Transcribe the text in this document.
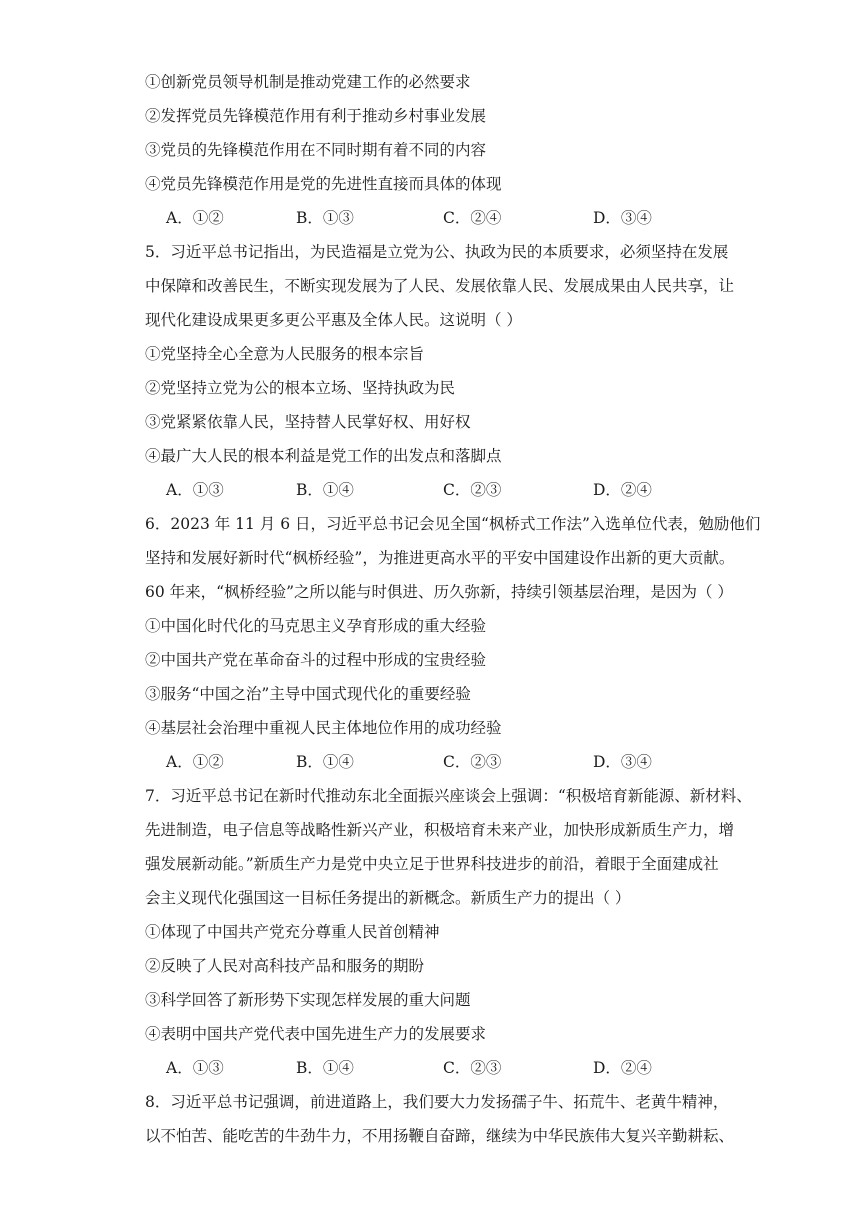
①创新党员领导机制是推动党建工作的必然要求
②发挥党员先锋模范作用有利于推动乡村事业发展
③党员的先锋模范作用在不同时期有着不同的内容
④党员先锋模范作用是党的先进性直接而具体的体现
A．①②	B．①③	C．②④	D．③④
5．习近平总书记指出，为民造福是立党为公、执政为民的本质要求，必须坚持在发展
中保障和改善民生，不断实现发展为了人民、发展依靠人民、发展成果由人民共享，让
现代化建设成果更多更公平惠及全体人民。这说明（ ）
①党坚持全心全意为人民服务的根本宗旨
②党坚持立党为公的根本立场、坚持执政为民
③党紧紧依靠人民，坚持替人民掌好权、用好权
④最广大人民的根本利益是党工作的出发点和落脚点
A．①③	B．①④	C．②③	D．②④
6．2023 年 11 月 6 日，习近平总书记会见全国“枫桥式工作法”入选单位代表，勉励他们
坚持和发展好新时代“枫桥经验”，为推进更高水平的平安中国建设作出新的更大贡献。
60 年来，“枫桥经验”之所以能与时俱进、历久弥新，持续引领基层治理，是因为（ ）
①中国化时代化的马克思主义孕育形成的重大经验
②中国共产党在革命奋斗的过程中形成的宝贵经验
③服务“中国之治”主导中国式现代化的重要经验
④基层社会治理中重视人民主体地位作用的成功经验
A．①②	B．①④	C．②③	D．③④
7．习近平总书记在新时代推动东北全面振兴座谈会上强调：“积极培育新能源、新材料、
先进制造，电子信息等战略性新兴产业，积极培育未来产业，加快形成新质生产力，增
强发展新动能。”新质生产力是党中央立足于世界科技进步的前沿，着眼于全面建成社
会主义现代化强国这一目标任务提出的新概念。新质生产力的提出（ ）
①体现了中国共产党充分尊重人民首创精神
②反映了人民对高科技产品和服务的期盼
③科学回答了新形势下实现怎样发展的重大问题
④表明中国共产党代表中国先进生产力的发展要求
A．①③	B．①④	C．②③	D．②④
8．习近平总书记强调，前进道路上，我们要大力发扬孺子牛、拓荒牛、老黄牛精神，
以不怕苦、能吃苦的牛劲牛力，不用扬鞭自奋蹄，继续为中华民族伟大复兴辛勤耕耘、
